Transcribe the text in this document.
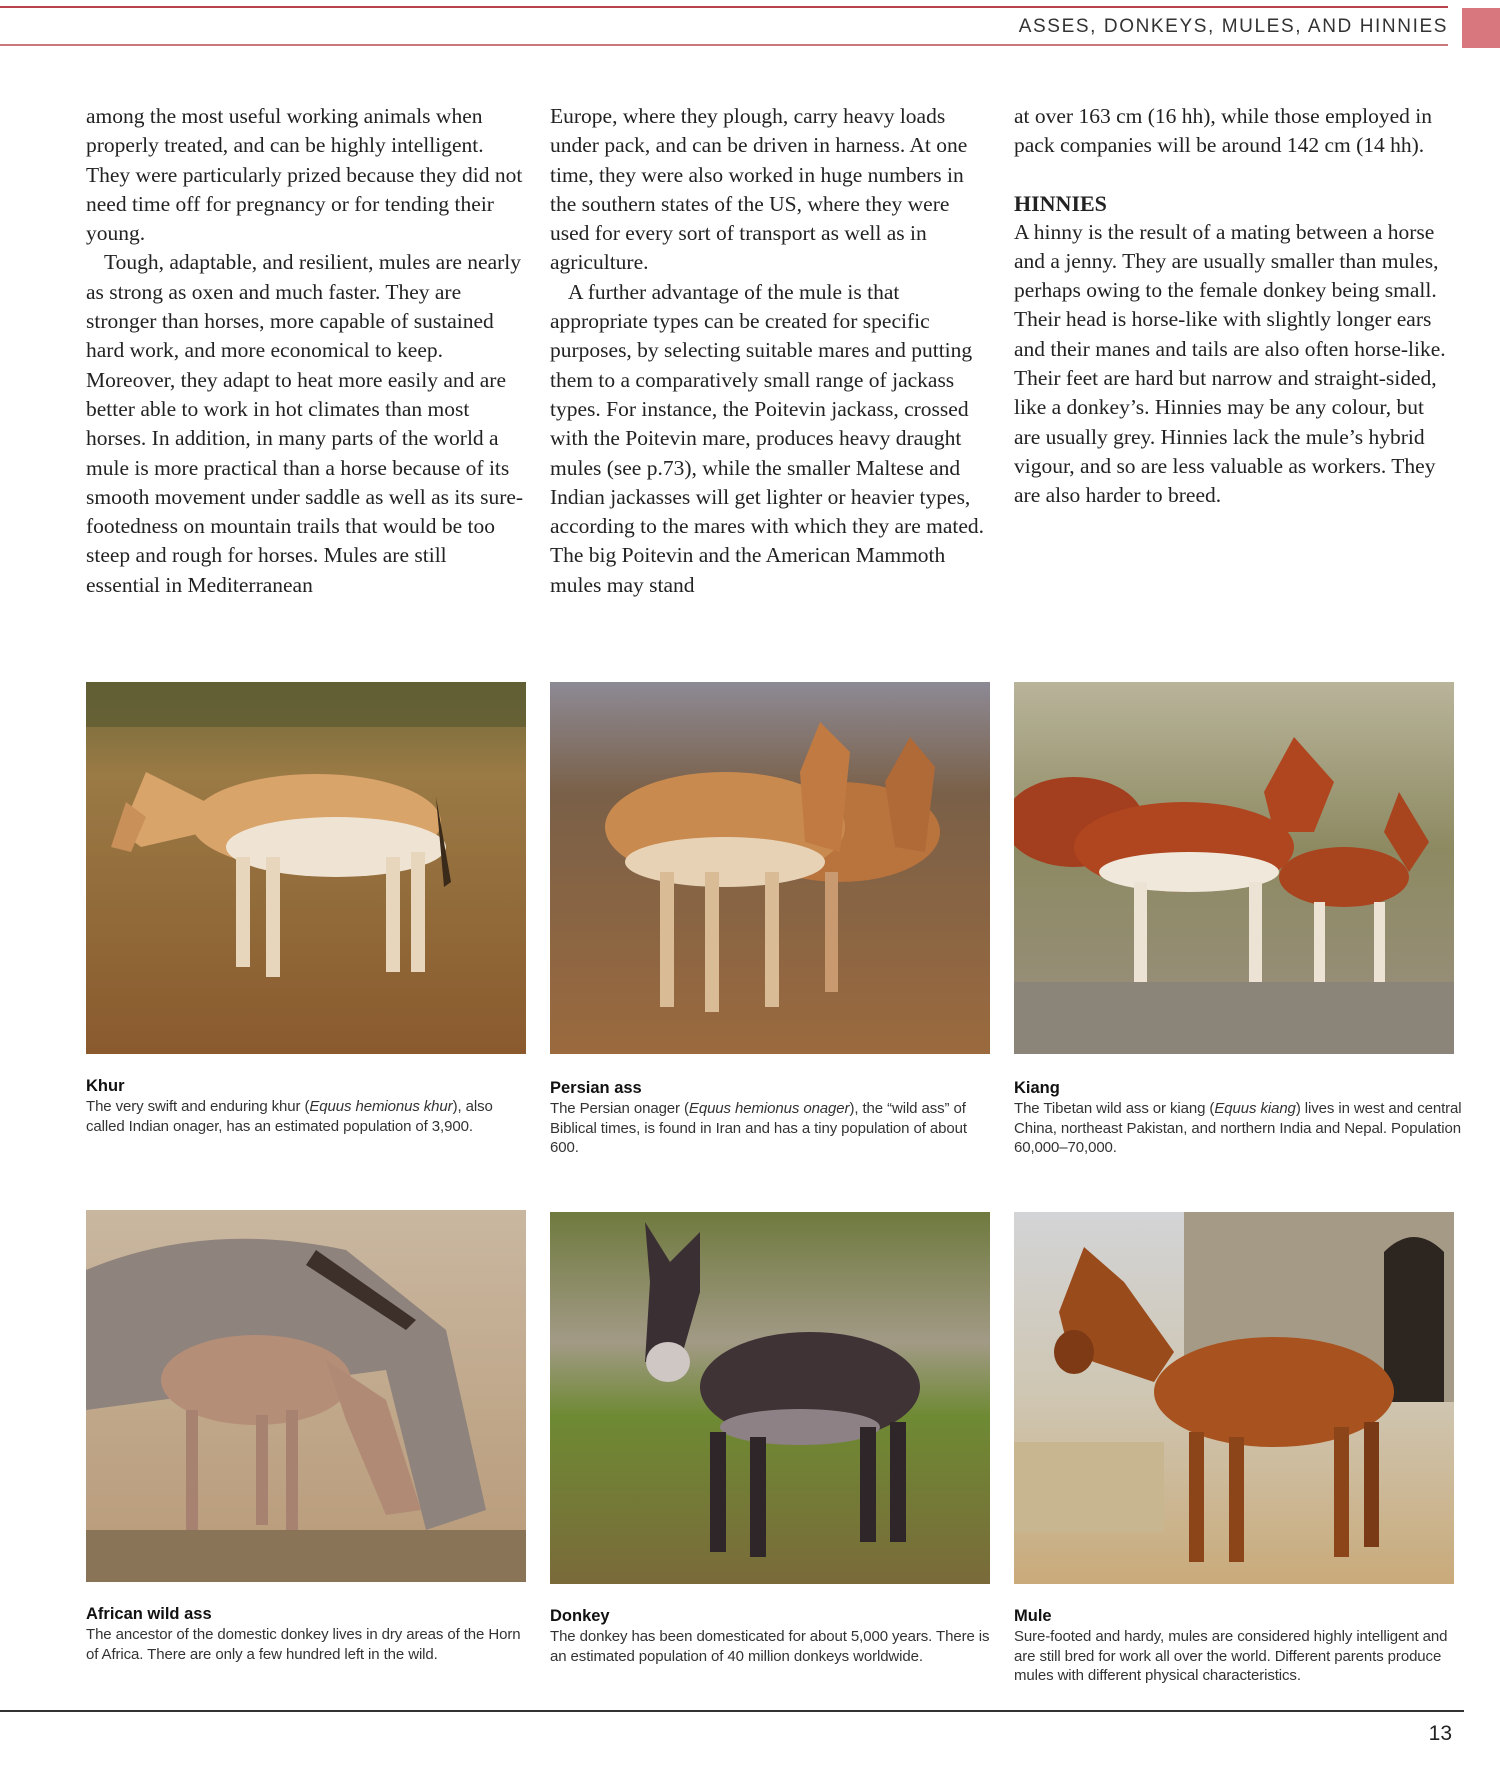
ASSES, DONKEYS, MULES, AND HINNIES

among the most useful working animals when properly treated, and can be highly intelligent. They were particularly prized because they did not need time off for pregnancy or for tending their young.

Tough, adaptable, and resilient, mules are nearly as strong as oxen and much faster. They are stronger than horses, more capable of sustained hard work, and more economical to keep. Moreover, they adapt to heat more easily and are better able to work in hot climates than most horses. In addition, in many parts of the world a mule is more practical than a horse because of its smooth movement under saddle as well as its sure-footedness on mountain trails that would be too steep and rough for horses. Mules are still essential in Mediterranean

Europe, where they plough, carry heavy loads under pack, and can be driven in harness. At one time, they were also worked in huge numbers in the southern states of the US, where they were used for every sort of transport as well as in agriculture.

A further advantage of the mule is that appropriate types can be created for specific purposes, by selecting suitable mares and putting them to a comparatively small range of jackass types. For instance, the Poitevin jackass, crossed with the Poitevin mare, produces heavy draught mules (see p.73), while the smaller Maltese and Indian jackasses will get lighter or heavier types, according to the mares with which they are mated. The big Poitevin and the American Mammoth mules may stand

at over 163 cm (16 hh), while those employed in pack companies will be around 142 cm (14 hh).

HINNIES

A hinny is the result of a mating between a horse and a jenny. They are usually smaller than mules, perhaps owing to the female donkey being small. Their head is horse-like with slightly longer ears and their manes and tails are also often horse-like. Their feet are hard but narrow and straight-sided, like a donkey’s. Hinnies may be any colour, but are usually grey. Hinnies lack the mule’s hybrid vigour, and so are less valuable as workers. They are also harder to breed.

Khur
The very swift and enduring khur (Equus hemionus khur), also called Indian onager, has an estimated population of 3,900.
Persian ass
The Persian onager (Equus hemionus onager), the “wild ass” of Biblical times, is found in Iran and has a tiny population of about 600.
Kiang
The Tibetan wild ass or kiang (Equus kiang) lives in west and central China, northeast Pakistan, and northern India and Nepal. Population 60,000–70,000.
African wild ass
The ancestor of the domestic donkey lives in dry areas of the Horn of Africa. There are only a few hundred left in the wild.
Donkey
The donkey has been domesticated for about 5,000 years. There is an estimated population of 40 million donkeys worldwide.
Mule
Sure-footed and hardy, mules are considered highly intelligent and are still bred for work all over the world. Different parents produce mules with different physical characteristics.
13
